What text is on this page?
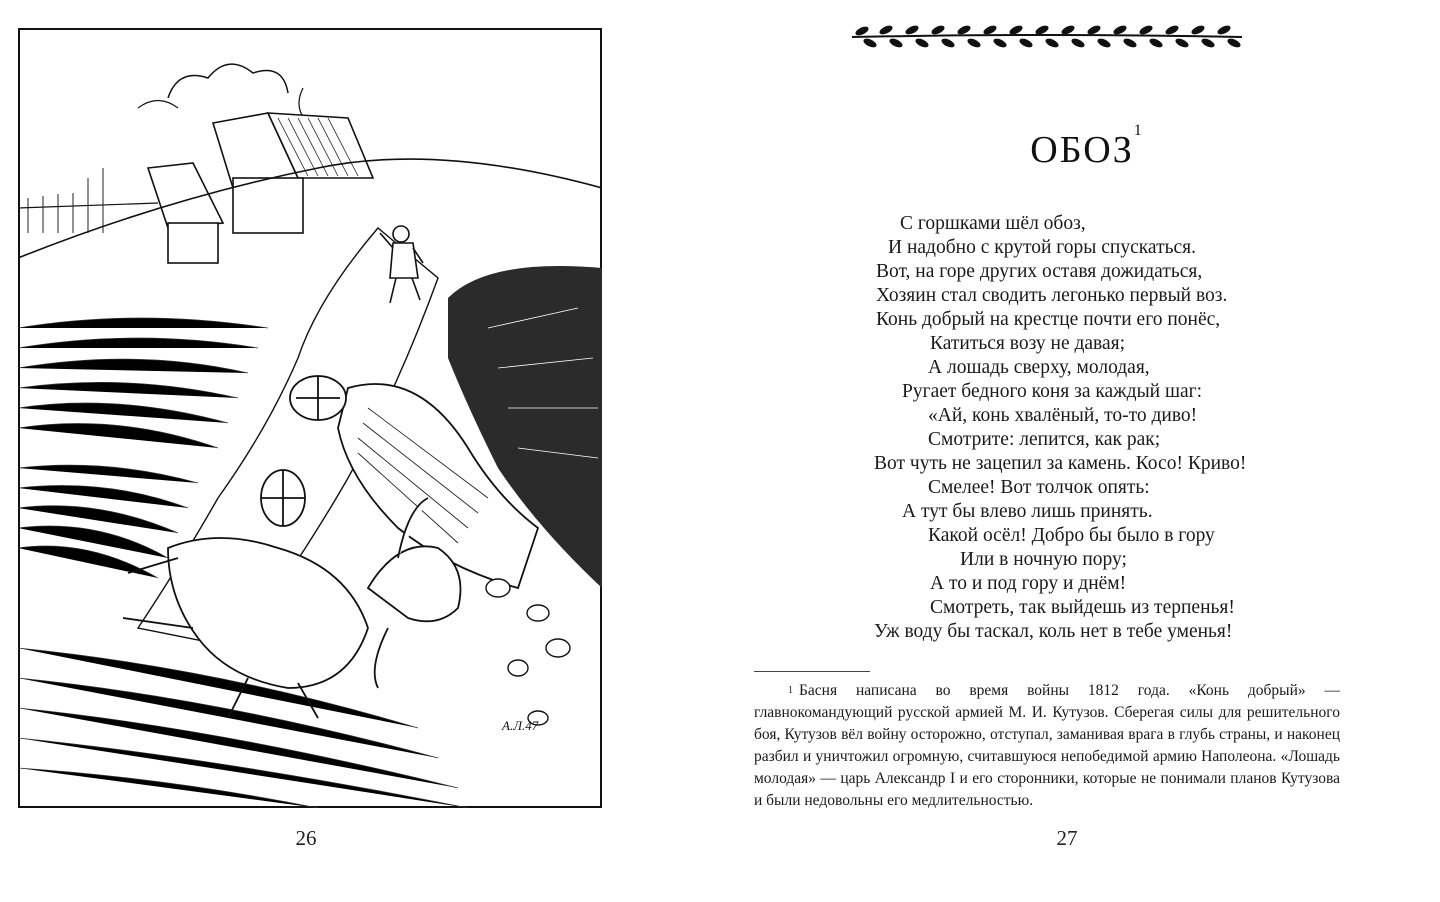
А.Л.47
26
ОБОЗ$^1$
С горшками шёл обоз,
И надобно с крутой горы спускаться.
Вот, на горе других оставя дожидаться,
Хозяин стал сводить легонько первый воз.
Конь добрый на крестце почти его понёс,
Катиться возу не давая;
А лошадь сверху, молодая,
Ругает бедного коня за каждый шаг:
«Ай, конь хвалёный, то-то диво!
Смотрите: лепится, как рак;
Вот чуть не зацепил за камень. Косо! Криво!
Смелее! Вот толчок опять:
А тут бы влево лишь принять.
Какой осёл! Добро бы было в гору
Или в ночную пору;
А то и под гору и днём!
Смотреть, так выйдешь из терпенья!
Уж воду бы таскал, коль нет в тебе уменья!
$^1$ Басня написана во время войны 1812 года. «Конь добрый» — главнокомандующий русской армией М. И. Кутузов. Сберегая силы для решительного боя, Кутузов вёл войну осторожно, отступал, заманивая врага в глубь страны, и наконец разбил и уничтожил огромную, считавшуюся непобедимой армию Наполеона. «Лошадь молодая» — царь Александр I и его сторонники, которые не понимали планов Кутузова и были недовольны его медлительностью.
27
